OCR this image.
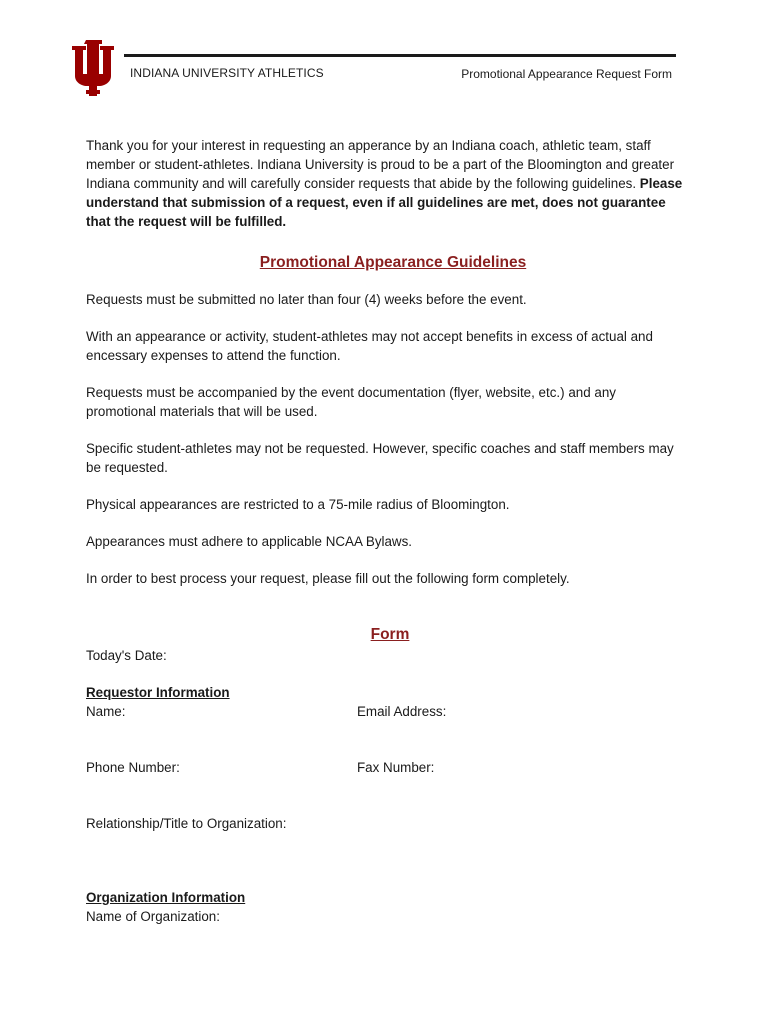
INDIANA UNIVERSITY ATHLETICS	Promotional Appearance Request Form

Thank you for your interest in requesting an apperance by an Indiana coach, athletic team, staff member or student-athletes. Indiana University is proud to be a part of the Bloomington and greater Indiana community and will carefully consider requests that abide by the following guidelines. Please understand that submission of a request, even if all guidelines are met, does not guarantee that the request will be fulfilled.

Promotional Appearance Guidelines

Requests must be submitted no later than four (4) weeks before the event.

With an appearance or activity, student-athletes may not accept benefits in excess of actual and encessary expenses to attend the function.

Requests must be accompanied by the event documentation (flyer, website, etc.) and any promotional materials that will be used.

Specific student-athletes may not be requested. However, specific coaches and staff members may be requested.

Physical appearances are restricted to a 75-mile radius of Bloomington.

Appearances must adhere to applicable NCAA Bylaws.

In order to best process your request, please fill out the following form completely.

Form
Today's Date:
Requestor Information
Name:	Email Address:
Phone Number:	Fax Number:
Relationship/Title to Organization:
Organization Information
Name of Organization:
